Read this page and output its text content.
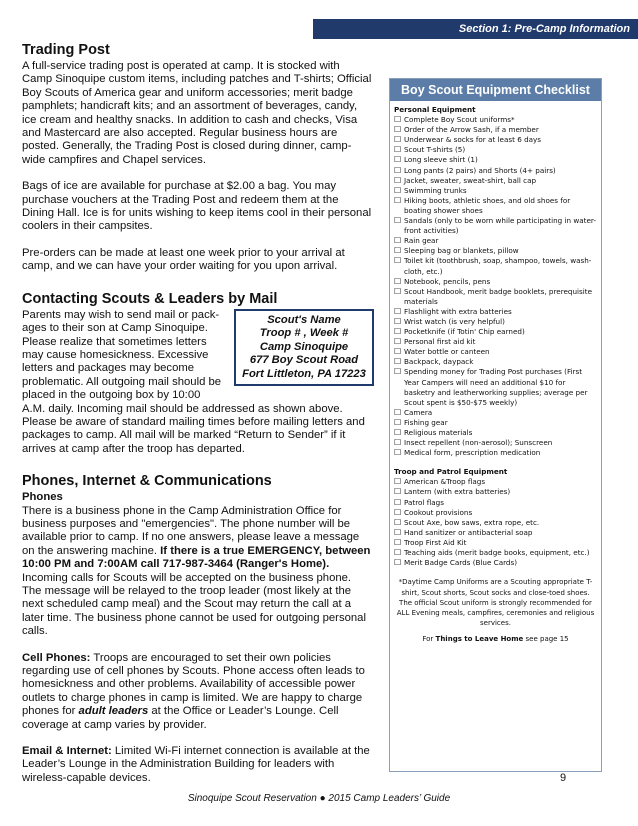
Section 1: Pre-Camp Information
Trading Post

A full-service trading post is operated at camp. It is stocked with Camp Sinoquipe custom items, including patches and T-shirts; Official Boy Scouts of America gear and uniform accessories; merit badge pamphlets; handicraft kits; and an assortment of beverages, candy, ice cream and healthy snacks. In addition to cash and checks, Visa and Mastercard are also accepted. Regular business hours are posted. Generally, the Trading Post is closed during dinner, camp-wide campfires and Chapel services.

Bags of ice are available for purchase at $2.00 a bag. You may purchase vouchers at the Trading Post and redeem them at the Dining Hall. Ice is for units wishing to keep items cool in their personal coolers in their campsites.

Pre-orders can be made at least one week prior to your arrival at camp, and we can have your order waiting for you upon arrival.

Contacting Scouts & Leaders by Mail
Parents may wish to send mail or pack-ages to their son at Camp Sinoquipe. Please realize that sometimes letters may cause homesickness. Excessive letters and packages may become problematic. All outgoing mail should be placed in the outgoing box by 10:00
Scout's Name
Troop # , Week #
Camp Sinoquipe
677 Boy Scout Road
Fort Littleton, PA 17223

A.M. daily. Incoming mail should be addressed as shown above. Please be aware of standard mailing times before mailing letters and packages to camp. All mail will be marked “Return to Sender” if it arrives at camp after the troop has departed.

Phones, Internet & Communications
Phones

There is a business phone in the Camp Administration Office for business purposes and "emergencies". The phone number will be available prior to camp. If no one answers, please leave a message on the answering machine. If there is a true EMERGENCY, between 10:00 PM and 7:00AM call 717-987-3464 (Ranger's Home). Incoming calls for Scouts will be accepted on the business phone. The message will be relayed to the troop leader (most likely at the next scheduled camp meal) and the Scout may return the call at a later time. The business phone cannot be used for outgoing personal calls.

Cell Phones: Troops are encouraged to set their own policies regarding use of cell phones by Scouts. Phone access often leads to homesickness and other problems. Availability of accessible power outlets to charge phones in camp is limited. We are happy to charge phones for adult leaders at the Office or Leader’s Lounge. Cell coverage at camp varies by provider.

Email & Internet: Limited Wi-Fi internet connection is available at the Leader’s Lounge in the Administration Building for leaders with wireless-capable devices.

Boy Scout Equipment Checklist
Personal Equipment
☐ Complete Boy Scout uniforms*
☐ Order of the Arrow Sash, if a member
☐ Underwear & socks for at least 6 days
☐ Scout T-shirts (5)
☐ Long sleeve shirt (1)
☐ Long pants (2 pairs) and Shorts (4+ pairs)
☐ Jacket, sweater, sweat-shirt, ball cap
☐ Swimming trunks
☐ Hiking boots, athletic shoes, and old shoes for boating shower shoes
☐ Sandals (only to be worn while participating in water-front activities)
☐ Rain gear
☐ Sleeping bag or blankets, pillow
☐ Toilet kit (toothbrush, soap, shampoo, towels, wash-cloth, etc.)
☐ Notebook, pencils, pens
☐ Scout Handbook, merit badge booklets, prerequisite materials
☐ Flashlight with extra batteries
☐ Wrist watch (is very helpful)
☐ Pocketknife (if Totin' Chip earned)
☐ Personal first aid kit
☐ Water bottle or canteen
☐ Backpack, daypack
☐ Spending money for Trading Post purchases (First Year Campers will need an additional $10 for basketry and leatherworking supplies; average per Scout spent is $50-$75 weekly)
☐ Camera
☐ Fishing gear
☐ Religious materials
☐ Insect repellent (non-aerosol); Sunscreen
☐ Medical form, prescription medication
Troop and Patrol Equipment
☐ American &Troop flags
☐ Lantern (with extra batteries)
☐ Patrol flags
☐ Cookout provisions
☐ Scout Axe, bow saws, extra rope, etc.
☐ Hand sanitizer or antibacterial soap
☐ Troop First Aid Kit
☐ Teaching aids (merit badge books, equipment, etc.)
☐ Merit Badge Cards (Blue Cards)
*Daytime Camp Uniforms are a Scouting appropriate T-shirt, Scout shorts, Scout socks and close-toed shoes. The official Scout uniform is strongly recommended for ALL Evening meals, campfires, ceremonies and religious services.
For Things to Leave Home see page 15
9
Sinoquipe Scout Reservation ● 2015 Camp Leaders’ Guide
